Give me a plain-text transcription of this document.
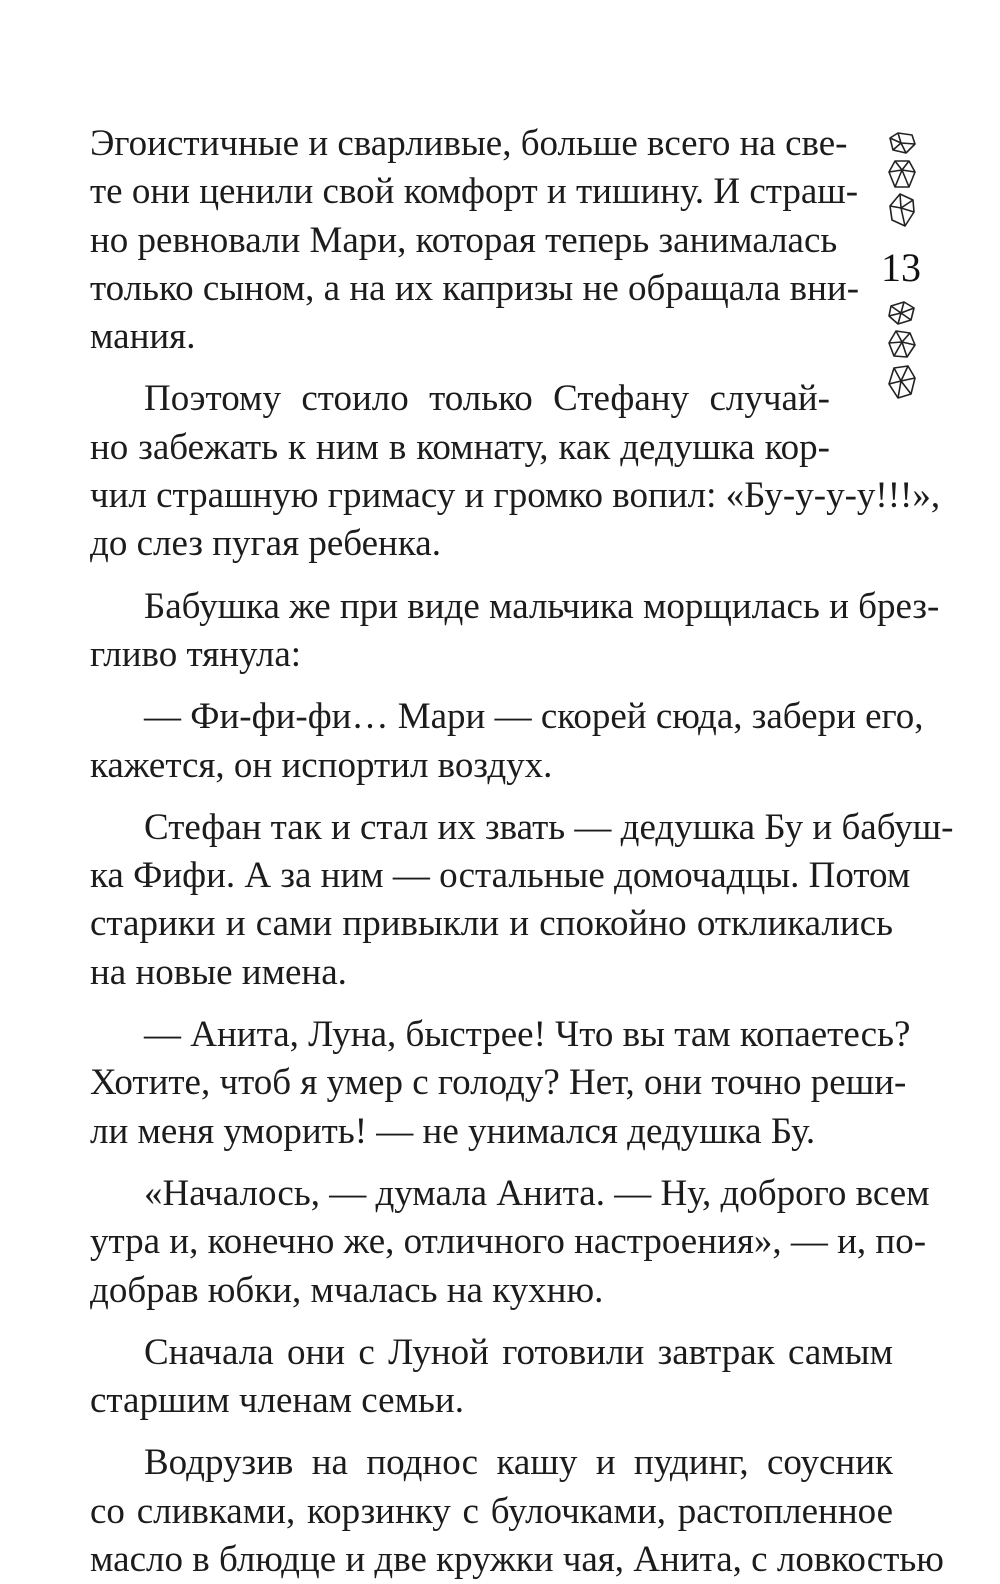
Эгоистичные и сварливые, больше всего на све-
те они ценили свой комфорт и тишину. И страш-
но ревновали Мари, которая теперь занималась
только сыном, а на их капризы не обращала вни-
мания.
Поэтому стоило только Стефану случай-
но забежать к ним в комнату, как дедушка кор-
чил страшную гримасу и громко вопил: «Бу-у-у-у!!!»,
до слез пугая ребенка.
Бабушка же при виде мальчика морщилась и брез-
гливо тянула:
— Фи-фи-фи… Мари — скорей сюда, забери его,
кажется, он испортил воздух.
Стефан так и стал их звать — дедушка Бу и бабуш-
ка Фифи. А за ним — остальные домочадцы. Потом
старики и сами привыкли и спокойно откликались
на новые имена.
— Анита, Луна, быстрее! Что вы там копаетесь?
Хотите, чтоб я умер с голоду? Нет, они точно реши-
ли меня уморить! — не унимался дедушка Бу.
«Началось, — думала Анита. — Ну, доброго всем
утра и, конечно же, отличного настроения», — и, по-
добрав юбки, мчалась на кухню.
Сначала они с Луной готовили завтрак самым
старшим членам семьи.
Водрузив на поднос кашу и пудинг, соусник
со сливками, корзинку с булочками, растопленное
масло в блюдце и две кружки чая, Анита, с ловкостью
13
